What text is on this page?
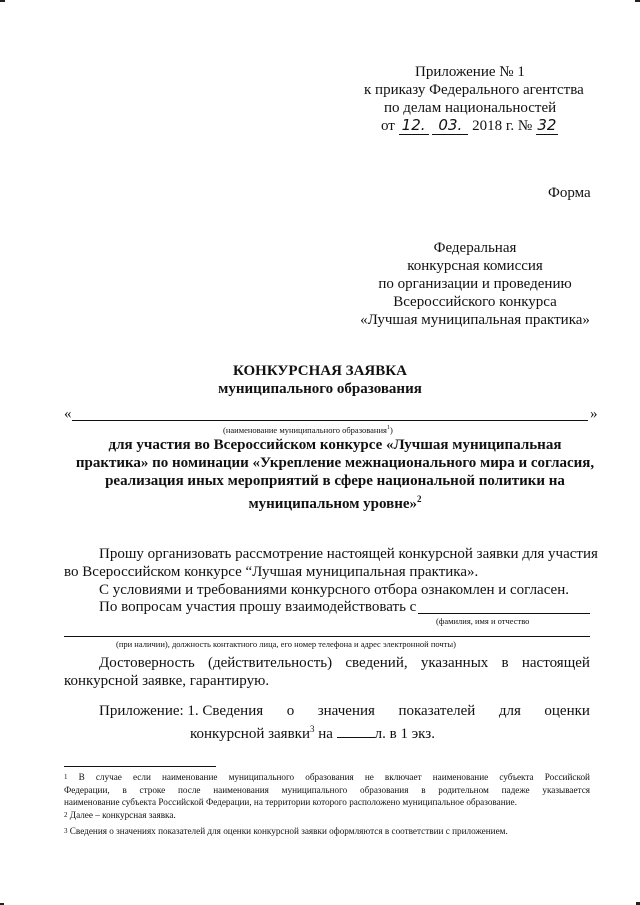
Приложение № 1
к приказу Федерального агентства
по делам национальностей
от 12. 03. 2018 г. № 32
Форма
Федеральная
конкурсная комиссия
по организации и проведению
Всероссийского конкурса
«Лучшая муниципальная практика»
КОНКУРСНАЯ ЗАЯВКА
муниципального образования
«	»
(наименование муниципального образования$^1$)
для участия во Всероссийском конкурсе «Лучшая муниципальная
практика» по номинации «Укрепление межнационального мира и согласия,
реализация иных мероприятий в сфере национальной политики на
муниципальном уровне»$^2$
Прошу организовать рассмотрение настоящей конкурсной заявки для участия
во Всероссийском конкурсе “Лучшая муниципальная практика».
С условиями и требованиями конкурсного отбора ознакомлен и согласен.
По вопросам участия прошу взаимодействовать с
(фамилия, имя и отчество
(при наличии), должность контактного лица, его номер телефона и адрес электронной почты)
Достоверность (действительность) сведений, указанных в настоящей
конкурсной заявке, гарантирую.
Приложение: 1. Сведения о значения показателей для оценки
конкурсной заявки$^3$ на	л. в 1 экз.
1 В случае если наименование муниципального образования не включает наименование субъекта Российской
Федерации, в строке после наименования муниципального образования в родительном падеже указывается
наименование субъекта Российской Федерации, на территории которого расположено муниципальное образование.
$^2$ Далее – конкурсная заявка.
$^3$ Сведения о значениях показателей для оценки конкурсной заявки оформляются в соответствии с приложением.
